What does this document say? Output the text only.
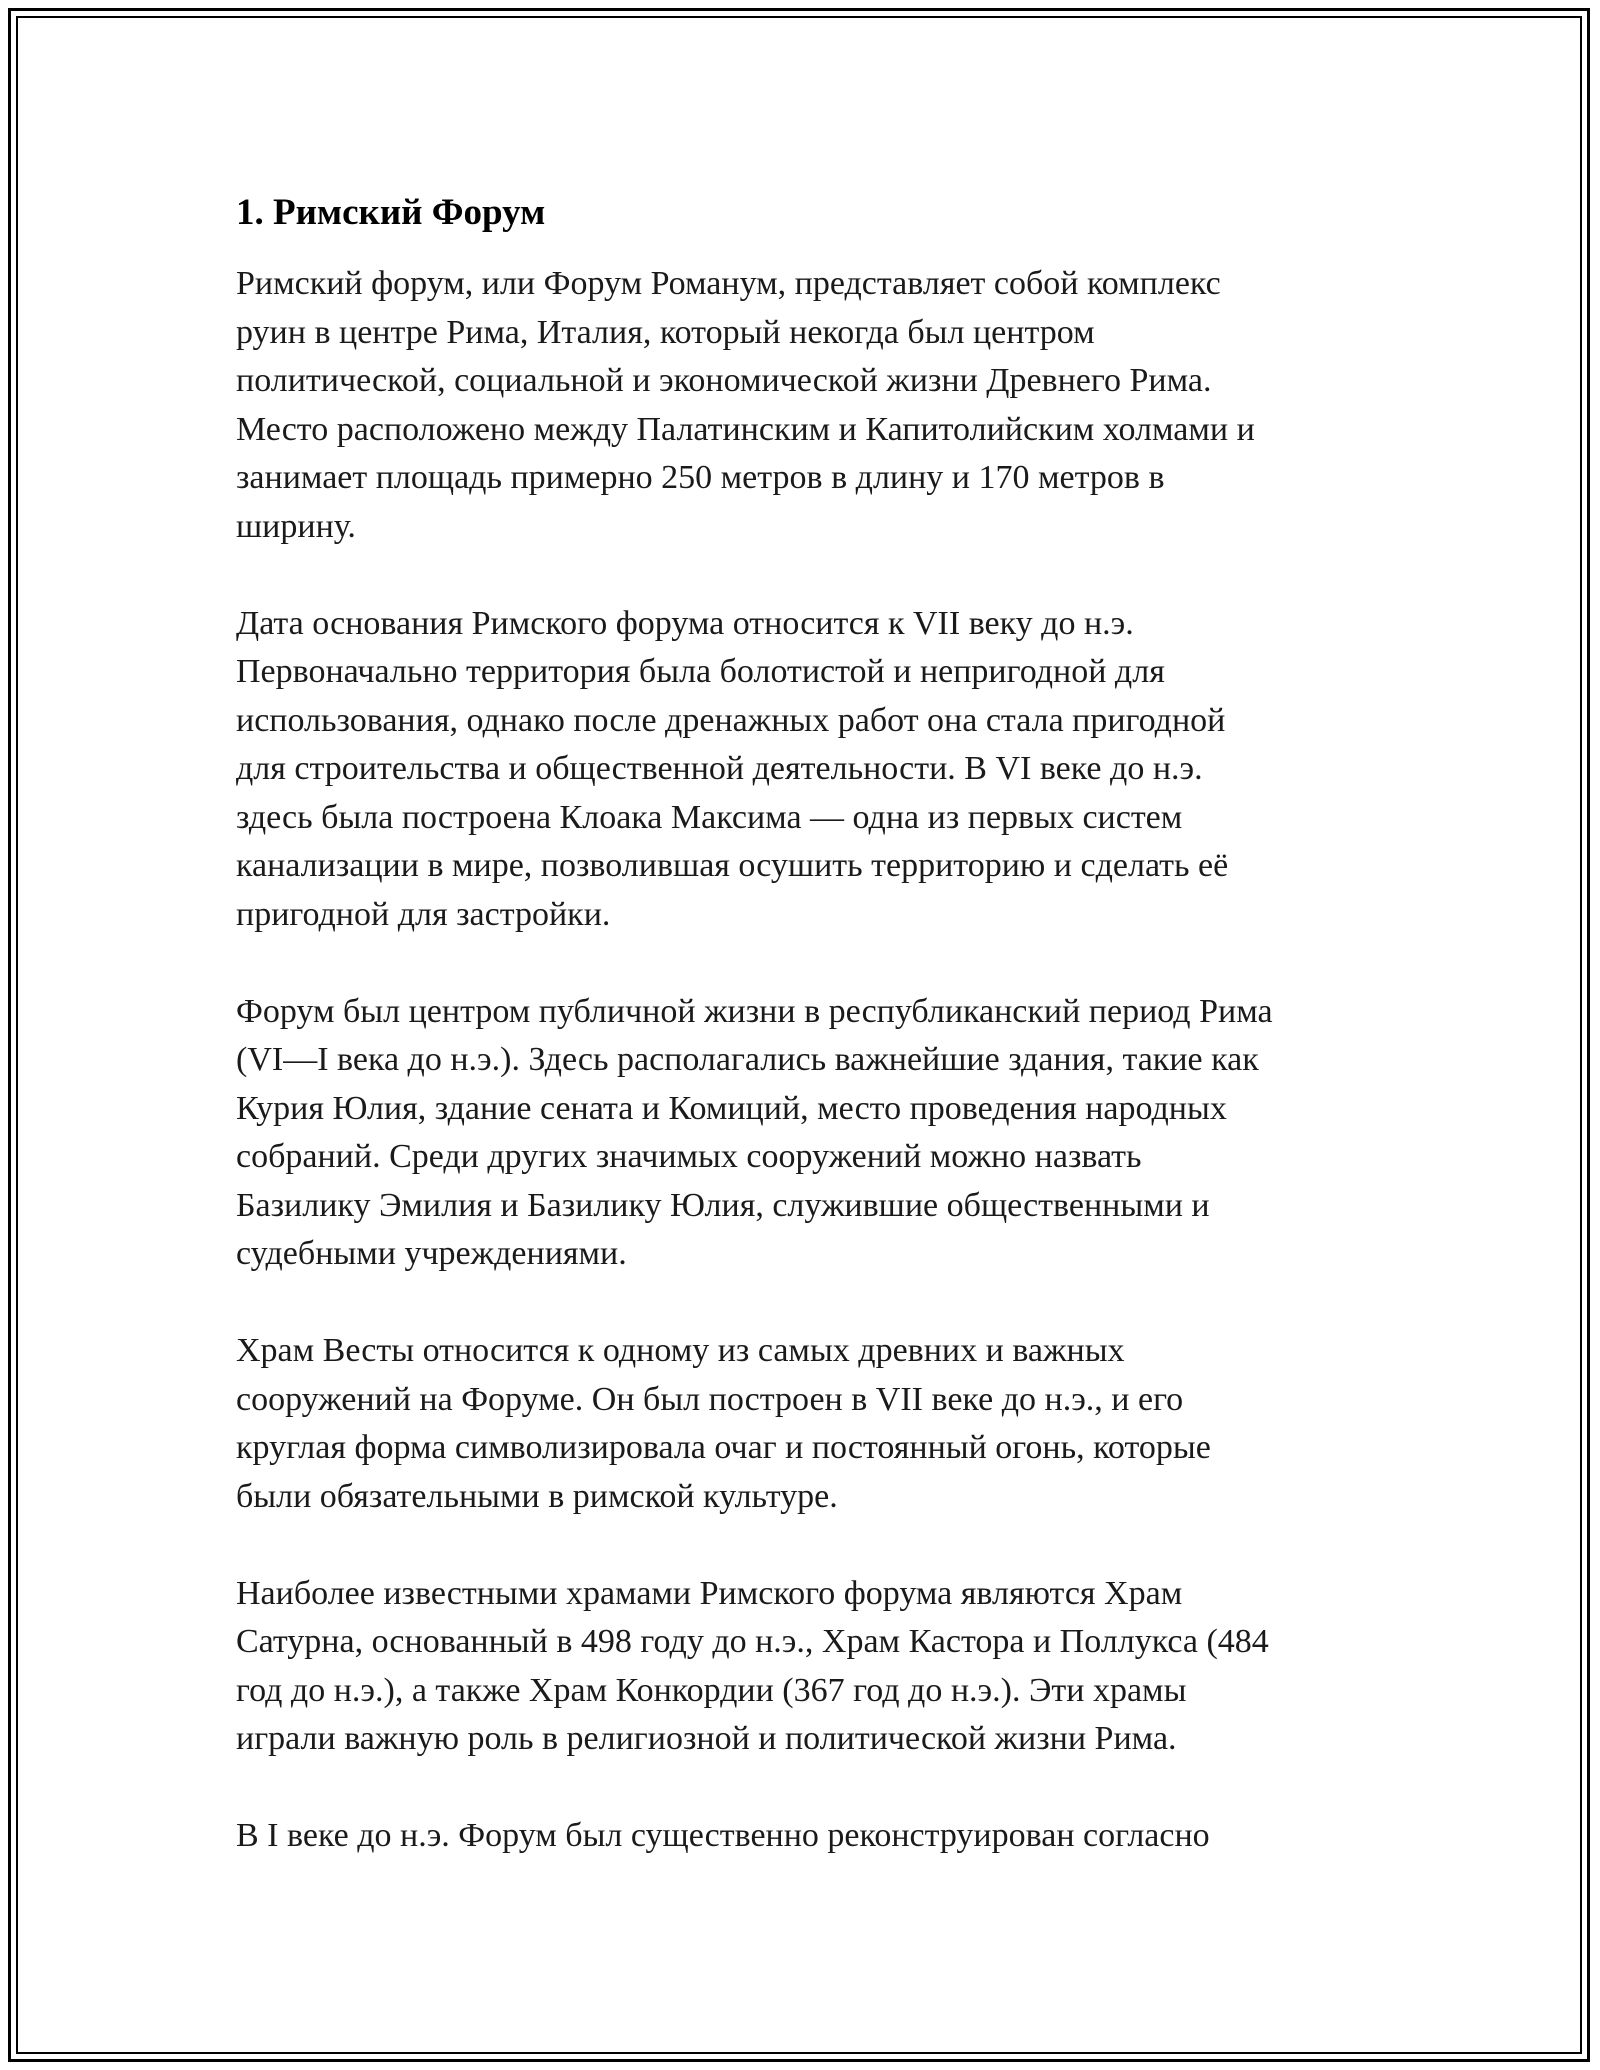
1. Римский Форум
Римский форум, или Форум Романум, представляет собой комплекс
руин в центре Рима, Италия, который некогда был центром
политической, социальной и экономической жизни Древнего Рима.
Место расположено между Палатинским и Капитолийским холмами и
занимает площадь примерно 250 метров в длину и 170 метров в
ширину.
Дата основания Римского форума относится к VII веку до н.э.
Первоначально территория была болотистой и непригодной для
использования, однако после дренажных работ она стала пригодной
для строительства и общественной деятельности. В VI веке до н.э.
здесь была построена Клоака Максима — одна из первых систем
канализации в мире, позволившая осушить территорию и сделать её
пригодной для застройки.
Форум был центром публичной жизни в республиканский период Рима
(VI—I века до н.э.). Здесь располагались важнейшие здания, такие как
Курия Юлия, здание сената и Комиций, место проведения народных
собраний. Среди других значимых сооружений можно назвать
Базилику Эмилия и Базилику Юлия, служившие общественными и
судебными учреждениями.
Храм Весты относится к одному из самых древних и важных
сооружений на Форуме. Он был построен в VII веке до н.э., и его
круглая форма символизировала очаг и постоянный огонь, которые
были обязательными в римской культуре.
Наиболее известными храмами Римского форума являются Храм
Сатурна, основанный в 498 году до н.э., Храм Кастора и Поллукса (484
год до н.э.), а также Храм Конкордии (367 год до н.э.). Эти храмы
играли важную роль в религиозной и политической жизни Рима.
В I веке до н.э. Форум был существенно реконструирован согласно
